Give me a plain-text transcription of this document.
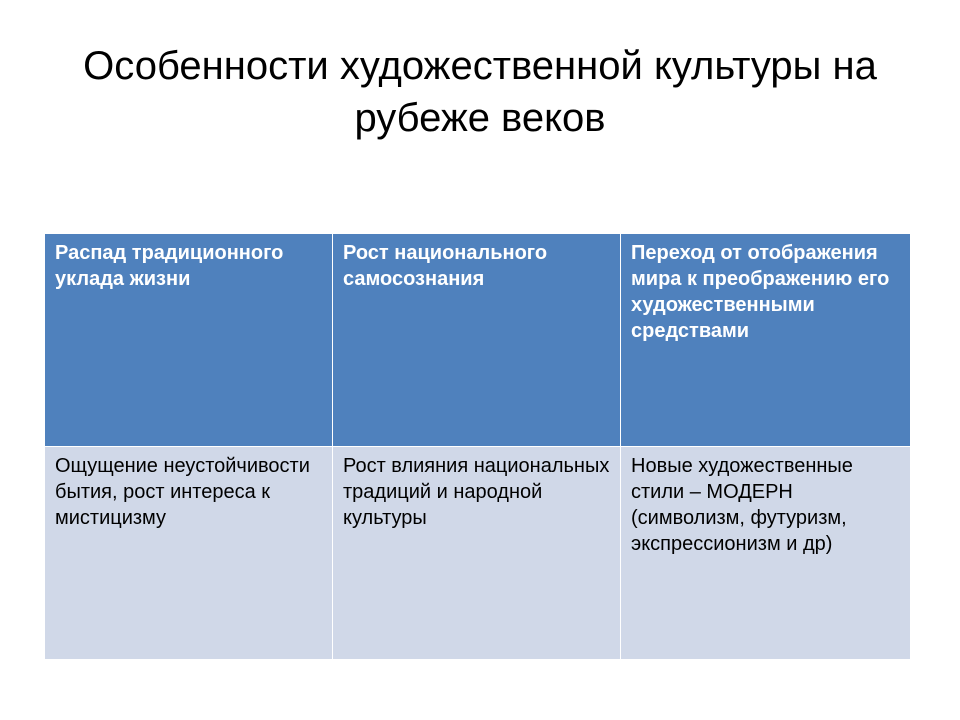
Особенности художественной культуры на рубеже веков
Распад традиционного уклада жизни	Рост национального самосознания	Переход от отображения мира к преображению его художественными средствами
Ощущение неустойчивости бытия, рост интереса к мистицизму	Рост влияния национальных традиций и народной культуры	Новые художественные стили – МОДЕРН (символизм, футуризм, экспрессионизм и др)
